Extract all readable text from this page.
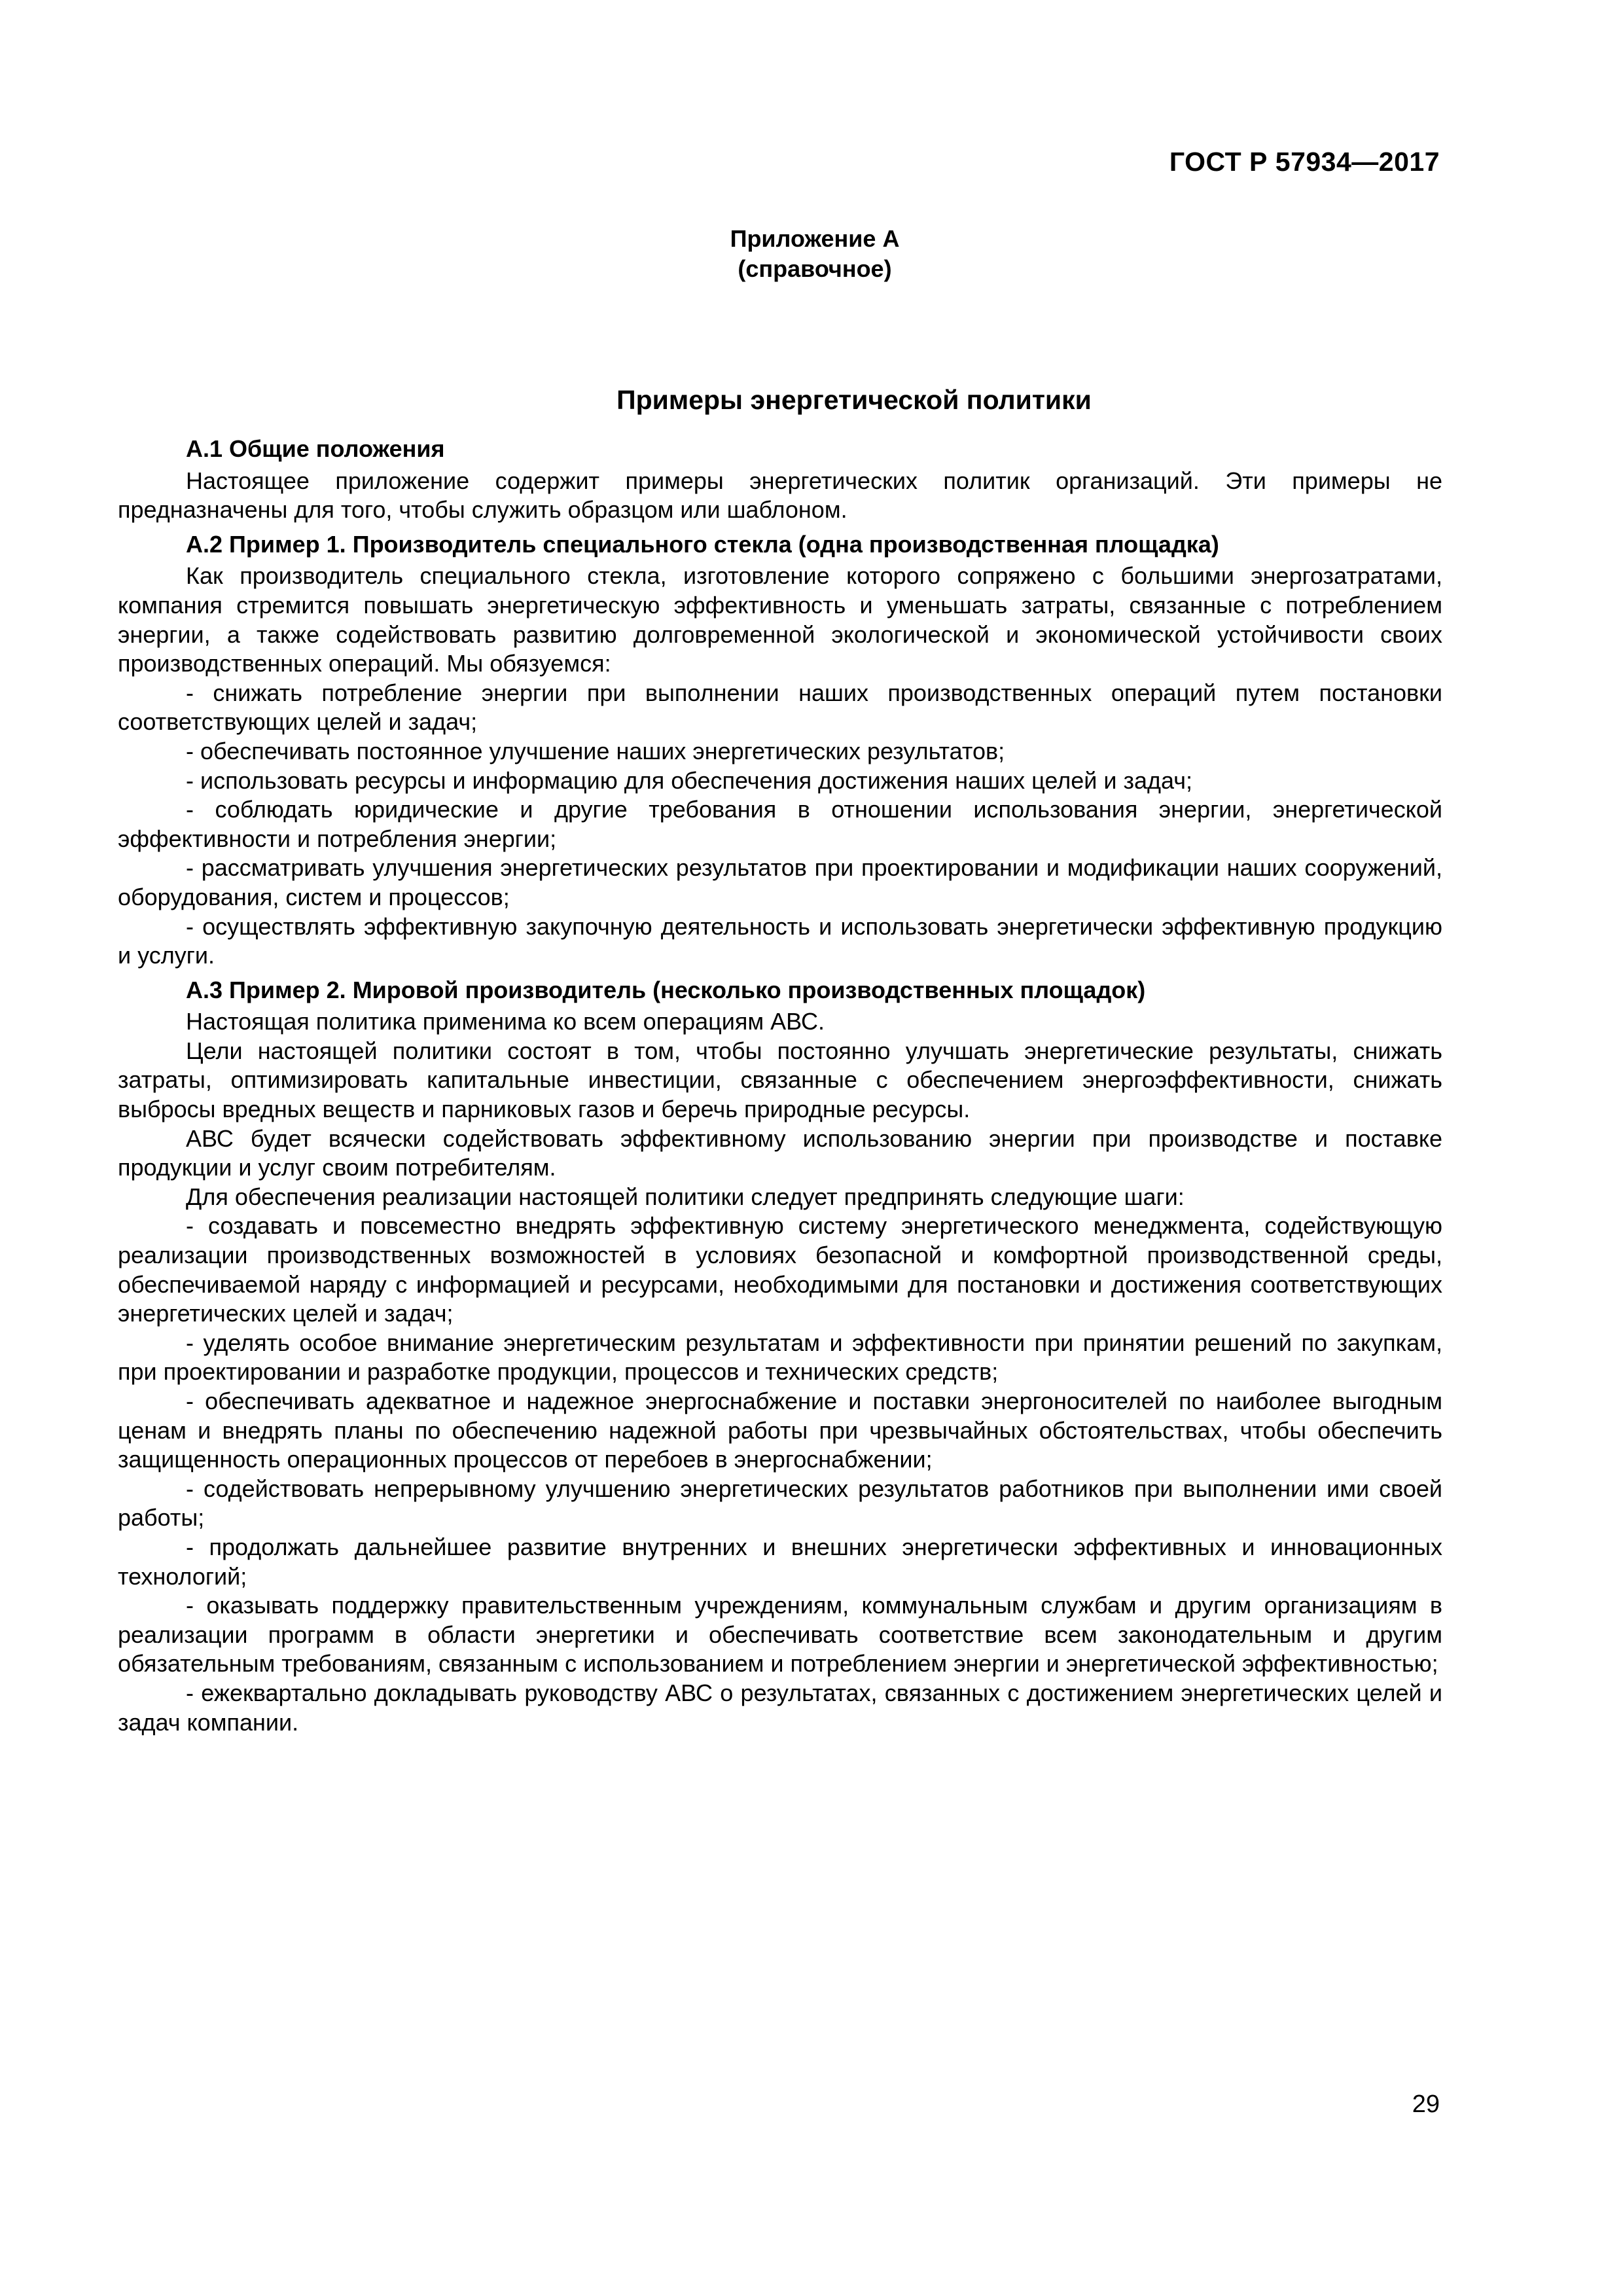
ГОСТ Р 57934—2017
Приложение А
(справочное)
Примеры энергетической политики
А.1 Общие положения

Настоящее приложение содержит примеры энергетических политик организаций. Эти примеры не предназначены для того, чтобы служить образцом или шаблоном.

А.2 Пример 1. Производитель специального стекла (одна производственная площадка)

Как производитель специального стекла, изготовление которого сопряжено с большими энергозатратами, компания стремится повышать энергетическую эффективность и уменьшать затраты, связанные с потреблением энергии, а также содействовать развитию долговременной экологической и экономической устойчивости своих производственных операций. Мы обязуемся:

- снижать потребление энергии при выполнении наших производственных операций путем постановки соответствующих целей и задач;

- обеспечивать постоянное улучшение наших энергетических результатов;

- использовать ресурсы и информацию для обеспечения достижения наших целей и задач;

- соблюдать юридические и другие требования в отношении использования энергии, энергетической эффективности и потребления энергии;

- рассматривать улучшения энергетических результатов при проектировании и модификации наших сооружений, оборудования, систем и процессов;

- осуществлять эффективную закупочную деятельность и использовать энергетически эффективную продукцию и услуги.

А.3 Пример 2. Мировой производитель (несколько производственных площадок)

Настоящая политика применима ко всем операциям АВС.

Цели настоящей политики состоят в том, чтобы постоянно улучшать энергетические результаты, снижать затраты, оптимизировать капитальные инвестиции, связанные с обеспечением энергоэффективности, снижать выбросы вредных веществ и парниковых газов и беречь природные ресурсы.

АВС будет всячески содействовать эффективному использованию энергии при производстве и поставке продукции и услуг своим потребителям.

Для обеспечения реализации настоящей политики следует предпринять следующие шаги:

- создавать и повсеместно внедрять эффективную систему энергетического менеджмента, содействующую реализации производственных возможностей в условиях безопасной и комфортной производственной среды, обеспечиваемой наряду с информацией и ресурсами, необходимыми для постановки и достижения соответствующих энергетических целей и задач;

- уделять особое внимание энергетическим результатам и эффективности при принятии решений по закупкам, при проектировании и разработке продукции, процессов и технических средств;

- обеспечивать адекватное и надежное энергоснабжение и поставки энергоносителей по наиболее выгодным ценам и внедрять планы по обеспечению надежной работы при чрезвычайных обстоятельствах, чтобы обеспечить защищенность операционных процессов от перебоев в энергоснабжении;

- содействовать непрерывному улучшению энергетических результатов работников при выполнении ими своей работы;

- продолжать дальнейшее развитие внутренних и внешних энергетически эффективных и инновационных технологий;

- оказывать поддержку правительственным учреждениям, коммунальным службам и другим организациям в реализации программ в области энергетики и обеспечивать соответствие всем законодательным и другим обязательным требованиям, связанным с использованием и потреблением энергии и энергетической эффективностью;

- ежеквартально докладывать руководству АВС о результатах, связанных с достижением энергетических целей и задач компании.

29
